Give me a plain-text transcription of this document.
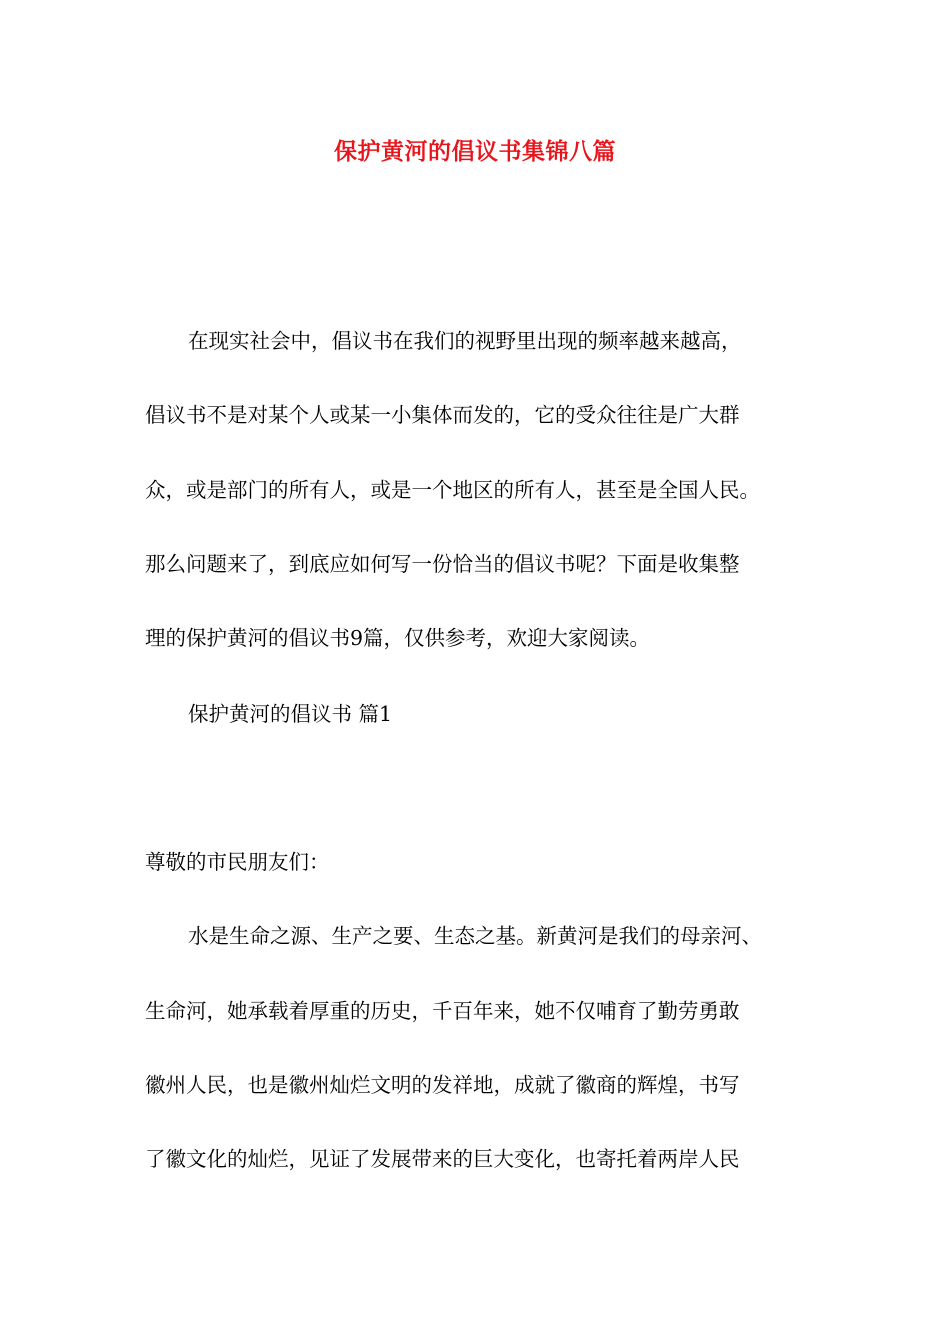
保护黄河的倡议书集锦八篇
在现实社会中，倡议书在我们的视野里出现的频率越来越高，
倡议书不是对某个人或某一小集体而发的，它的受众往往是广大群
众，或是部门的所有人，或是一个地区的所有人，甚至是全国人民。
那么问题来了，到底应如何写一份恰当的倡议书呢？下面是收集整
理的保护黄河的倡议书9篇，仅供参考，欢迎大家阅读。
保护黄河的倡议书 篇1
尊敬的市民朋友们：
水是生命之源、生产之要、生态之基。新黄河是我们的母亲河、
生命河，她承载着厚重的历史，千百年来，她不仅哺育了勤劳勇敢
徽州人民，也是徽州灿烂文明的发祥地，成就了徽商的辉煌，书写
了徽文化的灿烂，见证了发展带来的巨大变化，也寄托着两岸人民
